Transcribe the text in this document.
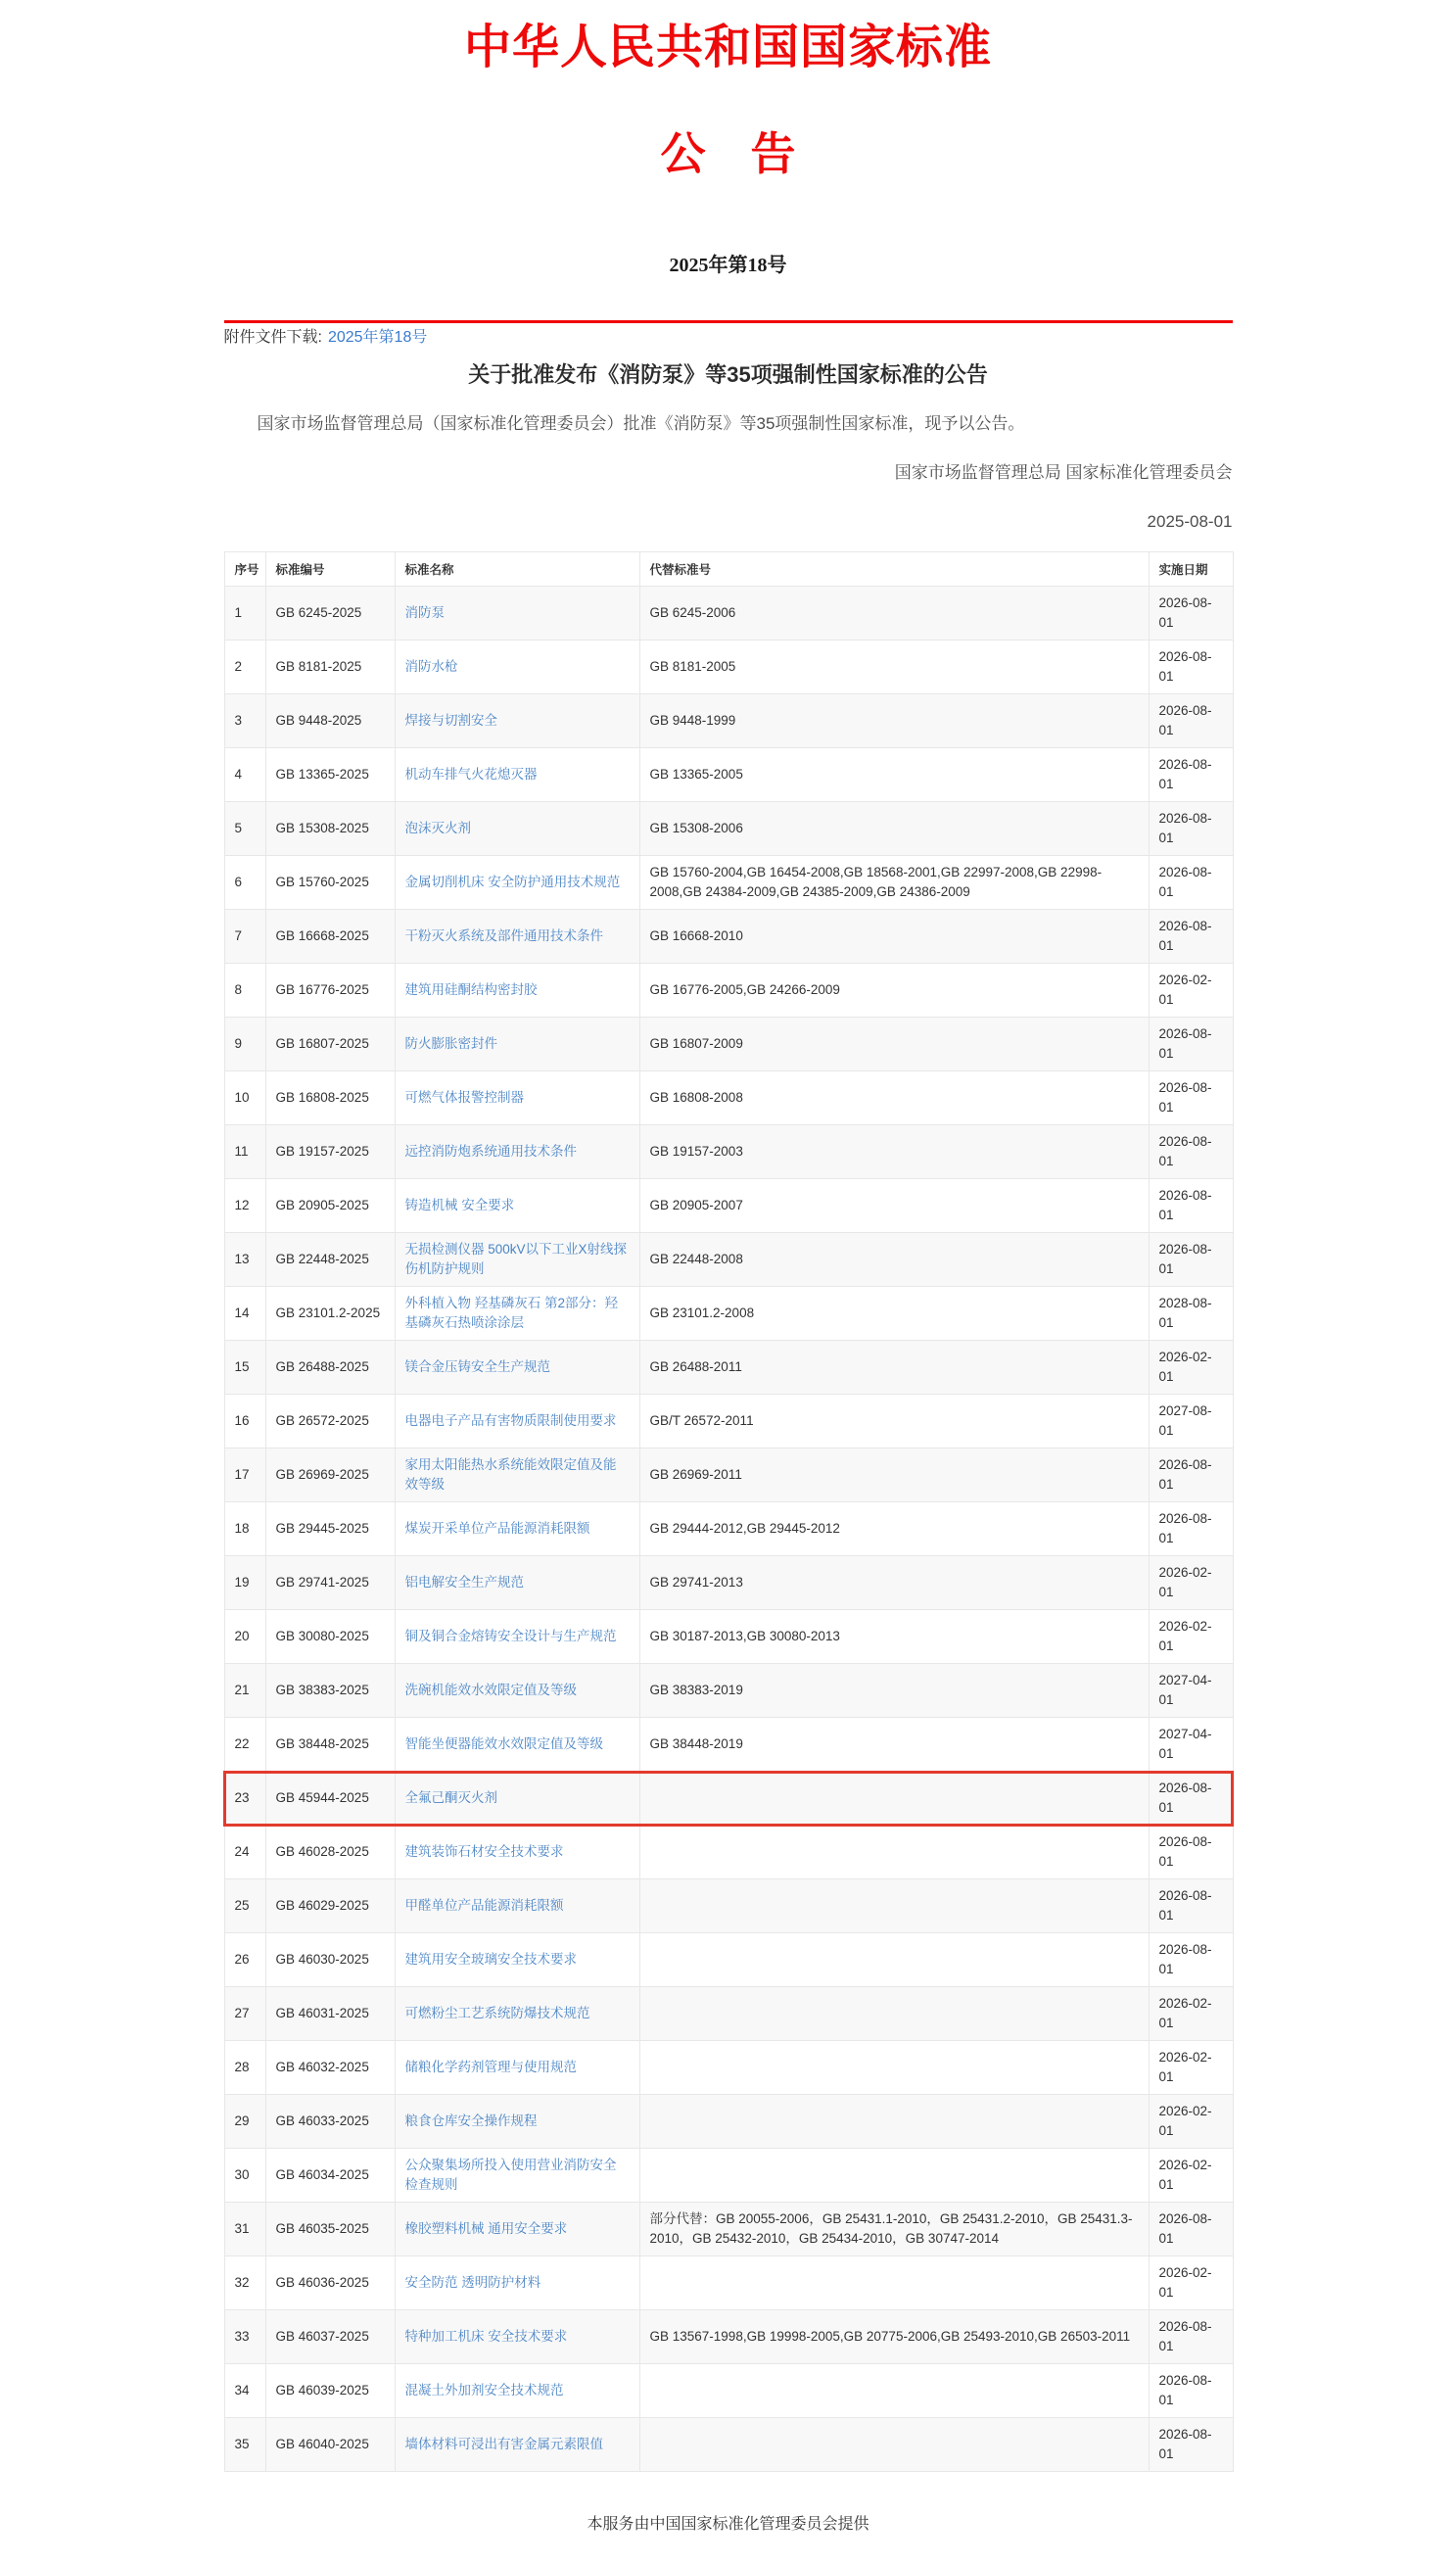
中华人民共和国国家标准
公　告
2025年第18号
附件文件下载: 2025年第18号
关于批准发布《消防泵》等35项强制性国家标准的公告

国家市场监督管理总局（国家标准化管理委员会）批准《消防泵》等35项强制性国家标准，现予以公告。

国家市场监督管理总局 国家标准化管理委员会

2025-08-01

序号	标准编号	标准名称	代替标准号	实施日期
1	GB 6245-2025	消防泵	GB 6245-2006	2026-08-01
2	GB 8181-2025	消防水枪	GB 8181-2005	2026-08-01
3	GB 9448-2025	焊接与切割安全	GB 9448-1999	2026-08-01
4	GB 13365-2025	机动车排气火花熄灭器	GB 13365-2005	2026-08-01
5	GB 15308-2025	泡沫灭火剂	GB 15308-2006	2026-08-01
6	GB 15760-2025	金属切削机床 安全防护通用技术规范	GB 15760-2004,GB 16454-2008,GB 18568-2001,GB 22997-2008,GB 22998-2008,GB 24384-2009,GB 24385-2009,GB 24386-2009	2026-08-01
7	GB 16668-2025	干粉灭火系统及部件通用技术条件	GB 16668-2010	2026-08-01
8	GB 16776-2025	建筑用硅酮结构密封胶	GB 16776-2005,GB 24266-2009	2026-02-01
9	GB 16807-2025	防火膨胀密封件	GB 16807-2009	2026-08-01
10	GB 16808-2025	可燃气体报警控制器	GB 16808-2008	2026-08-01
11	GB 19157-2025	远控消防炮系统通用技术条件	GB 19157-2003	2026-08-01
12	GB 20905-2025	铸造机械 安全要求	GB 20905-2007	2026-08-01
13	GB 22448-2025	无损检测仪器 500kV以下工业X射线探伤机防护规则	GB 22448-2008	2026-08-01
14	GB 23101.2-2025	外科植入物 羟基磷灰石 第2部分：羟基磷灰石热喷涂涂层	GB 23101.2-2008	2028-08-01
15	GB 26488-2025	镁合金压铸安全生产规范	GB 26488-2011	2026-02-01
16	GB 26572-2025	电器电子产品有害物质限制使用要求	GB/T 26572-2011	2027-08-01
17	GB 26969-2025	家用太阳能热水系统能效限定值及能效等级	GB 26969-2011	2026-08-01
18	GB 29445-2025	煤炭开采单位产品能源消耗限额	GB 29444-2012,GB 29445-2012	2026-08-01
19	GB 29741-2025	铝电解安全生产规范	GB 29741-2013	2026-02-01
20	GB 30080-2025	铜及铜合金熔铸安全设计与生产规范	GB 30187-2013,GB 30080-2013	2026-02-01
21	GB 38383-2025	洗碗机能效水效限定值及等级	GB 38383-2019	2027-04-01
22	GB 38448-2025	智能坐便器能效水效限定值及等级	GB 38448-2019	2027-04-01
23	GB 45944-2025	全氟己酮灭火剂		2026-08-01
24	GB 46028-2025	建筑装饰石材安全技术要求		2026-08-01
25	GB 46029-2025	甲醛单位产品能源消耗限额		2026-08-01
26	GB 46030-2025	建筑用安全玻璃安全技术要求		2026-08-01
27	GB 46031-2025	可燃粉尘工艺系统防爆技术规范		2026-02-01
28	GB 46032-2025	储粮化学药剂管理与使用规范		2026-02-01
29	GB 46033-2025	粮食仓库安全操作规程		2026-02-01
30	GB 46034-2025	公众聚集场所投入使用营业消防安全检查规则		2026-02-01
31	GB 46035-2025	橡胶塑料机械 通用安全要求	部分代替：GB 20055-2006，GB 25431.1-2010，GB 25431.2-2010，GB 25431.3-2010，GB 25432-2010，GB 25434-2010，GB 30747-2014	2026-08-01
32	GB 46036-2025	安全防范 透明防护材料		2026-02-01
33	GB 46037-2025	特种加工机床 安全技术要求	GB 13567-1998,GB 19998-2005,GB 20775-2006,GB 25493-2010,GB 26503-2011	2026-08-01
34	GB 46039-2025	混凝土外加剂安全技术规范		2026-08-01
35	GB 46040-2025	墙体材料可浸出有害金属元素限值		2026-08-01
本服务由中国国家标准化管理委员会提供
